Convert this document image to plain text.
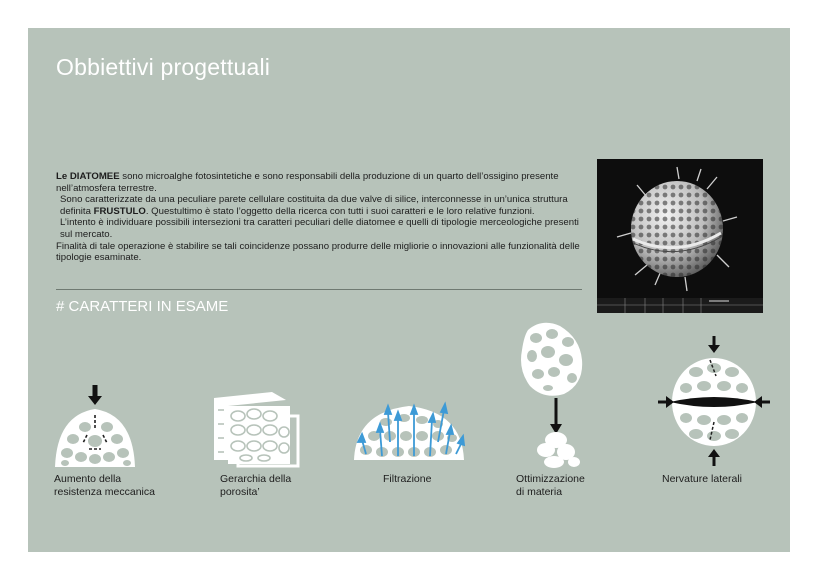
Obbiettivi progettuali

Le DIATOMEE sono microalghe fotosintetiche e sono responsabili della produzione di un quarto dell’ossigino presente nell’atmosfera terrestre.

Sono caratterizzate da una peculiare parete cellulare costituita da due valve di silice, interconnesse in un’unica struttura definita FRUSTULO. Questultimo è stato l’oggetto della ricerca con tutti i suoi caratteri e le loro relative funzioni.

L’intento è individuare possibili intersezioni tra caratteri peculiari delle diatomee e quelli di tipologie merceologiche presenti sul mercato.

Finalità di tale operazione è stabilire se tali coincidenze possano produrre delle migliorie o innovazioni alle funzionalità delle tipologie esaminate.

# CARATTERI IN ESAME

Aumento della
resistenza meccanica

Gerarchia della
porosita’

Filtrazione	Ottimizzazione
di materia

Nervature laterali
